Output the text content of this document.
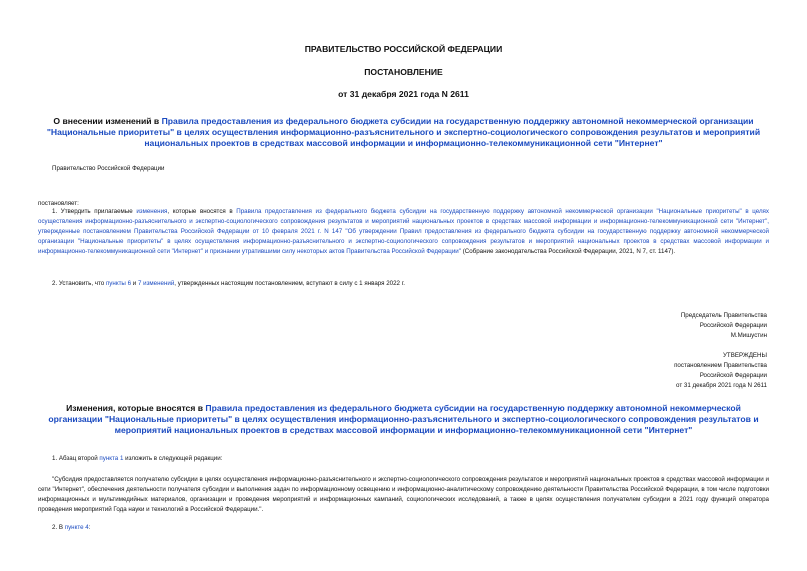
ПРАВИТЕЛЬСТВО РОССИЙСКОЙ ФЕДЕРАЦИИ
ПОСТАНОВЛЕНИЕ
от 31 декабря 2021 года N 2611
О внесении изменений в Правила предоставления из федерального бюджета субсидии на государственную поддержку автономной некоммерческой организации "Национальные приоритеты" в целях осуществления информационно-разъяснительного и экспертно-социологического сопровождения результатов и мероприятий национальных проектов в средствах массовой информации и информационно-телекоммуникационной сети "Интернет"
Правительство Российской Федерации
постановляет:
1. Утвердить прилагаемые изменения, которые вносятся в Правила предоставления из федерального бюджета субсидии на государственную поддержку автономной некоммерческой организации "Национальные приоритеты" в целях осуществления информационно-разъяснительного и экспертно-социологического сопровождения результатов и мероприятий национальных проектов в средствах массовой информации и информационно-телекоммуникационной сети "Интернет", утвержденные постановлением Правительства Российской Федерации от 10 февраля 2021 г. N 147 "Об утверждении Правил предоставления из федерального бюджета субсидии на государственную поддержку автономной некоммерческой организации "Национальные приоритеты" в целях осуществления информационно-разъяснительного и экспертно-социологического сопровождения результатов и мероприятий национальных проектов в средствах массовой информации и информационно-телекоммуникационной сети "Интернет" и признании утратившими силу некоторых актов Правительства Российской Федерации" (Собрание законодательства Российской Федерации, 2021, N 7, ст. 1147).
2. Установить, что пункты 6 и 7 изменений, утвержденных настоящим постановлением, вступают в силу с 1 января 2022 г.
Председатель Правительства
Российской Федерации
М.Мишустин
УТВЕРЖДЕНЫ
постановлением Правительства
Российской Федерации
от 31 декабря 2021 года N 2611
Изменения, которые вносятся в Правила предоставления из федерального бюджета субсидии на государственную поддержку автономной некоммерческой организации "Национальные приоритеты" в целях осуществления информационно-разъяснительного и экспертно-социологического сопровождения результатов и мероприятий национальных проектов в средствах массовой информации и информационно-телекоммуникационной сети "Интернет"
1. Абзац второй пункта 1 изложить в следующей редакции:
"Субсидия предоставляется получателю субсидии в целях осуществления информационно-разъяснительного и экспертно-социологического сопровождения результатов и мероприятий национальных проектов в средствах массовой информации и сети "Интернет", обеспечения деятельности получателя субсидии и выполнения задач по информационному освещению и информационно-аналитическому сопровождению деятельности Правительства Российской Федерации, в том числе подготовки информационных и мультимедийных материалов, организации и проведения мероприятий и информационных кампаний, социологических исследований, а также в целях осуществления получателем субсидии в 2021 году функций оператора проведения мероприятий Года науки и технологий в Российской Федерации.".
2. В пункте 4:
